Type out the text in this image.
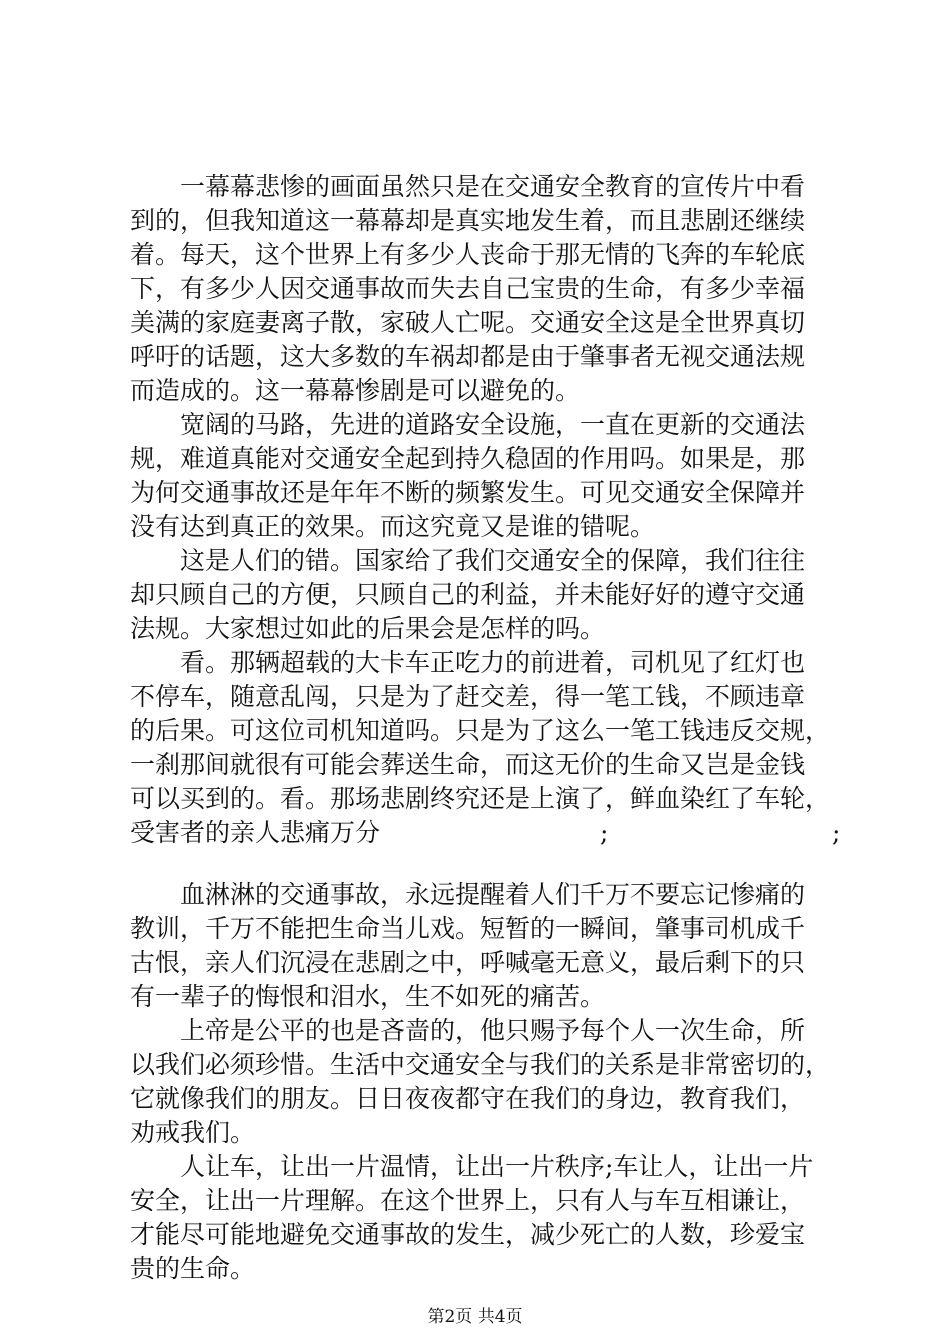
一幕幕悲惨的画面虽然只是在交通安全教育的宣传片中看
到的，但我知道这一幕幕却是真实地发生着，而且悲剧还继续
着。每天，这个世界上有多少人丧命于那无情的飞奔的车轮底
下，有多少人因交通事故而失去自己宝贵的生命，有多少幸福
美满的家庭妻离子散，家破人亡呢。交通安全这是全世界真切
呼吁的话题，这大多数的车祸却都是由于肇事者无视交通法规
而造成的。这一幕幕惨剧是可以避免的。
宽阔的马路，先进的道路安全设施，一直在更新的交通法
规，难道真能对交通安全起到持久稳固的作用吗。如果是，那
为何交通事故还是年年不断的频繁发生。可见交通安全保障并
没有达到真正的效果。而这究竟又是谁的错呢。
这是人们的错。国家给了我们交通安全的保障，我们往往
却只顾自己的方便，只顾自己的利益，并未能好好的遵守交通
法规。大家想过如此的后果会是怎样的吗。
看。那辆超载的大卡车正吃力的前进着，司机见了红灯也
不停车，随意乱闯，只是为了赶交差，得一笔工钱，不顾违章
的后果。可这位司机知道吗。只是为了这么一笔工钱违反交规，
一刹那间就很有可能会葬送生命，而这无价的生命又岂是金钱
可以买到的。看。那场悲剧终究还是上演了，鲜血染红了车轮，
受害者的亲人悲痛万分	;	;
血淋淋的交通事故，永远提醒着人们千万不要忘记惨痛的
教训，千万不能把生命当儿戏。短暂的一瞬间，肇事司机成千
古恨，亲人们沉浸在悲剧之中，呼喊毫无意义，最后剩下的只
有一辈子的悔恨和泪水，生不如死的痛苦。
上帝是公平的也是吝啬的，他只赐予每个人一次生命，所
以我们必须珍惜。生活中交通安全与我们的关系是非常密切的，
它就像我们的朋友。日日夜夜都守在我们的身边，教育我们，
劝戒我们。
人让车，让出一片温情，让出一片秩序;车让人，让出一片
安全，让出一片理解。在这个世界上，只有人与车互相谦让，
才能尽可能地避免交通事故的发生，减少死亡的人数，珍爱宝
贵的生命。
第2页 共4页
